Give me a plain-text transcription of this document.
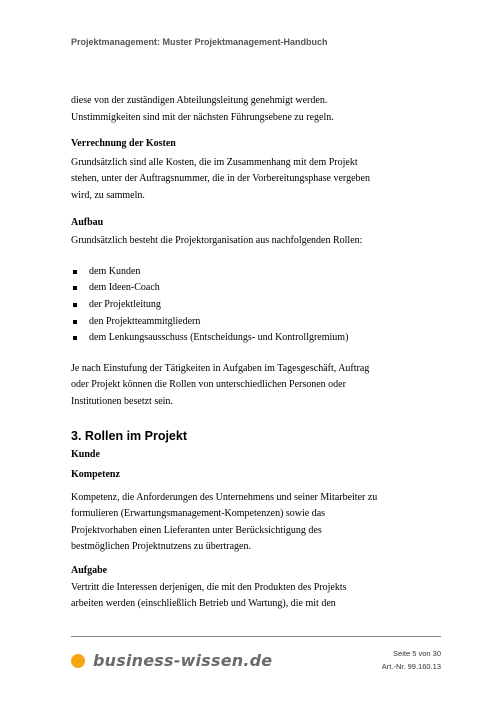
Projektmanagement: Muster Projektmanagement-Handbuch

diese von der zuständigen Abteilungsleitung genehmigt werden.
Unstimmigkeiten sind mit der nächsten Führungsebene zu regeln.

Verrechnung der Kosten

Grundsätzlich sind alle Kosten, die im Zusammenhang mit dem Projekt
stehen, unter der Auftragsnummer, die in der Vorbereitungsphase vergeben
wird, zu sammeln.

Aufbau

Grundsätzlich besteht die Projektorganisation aus nachfolgenden Rollen:

dem Kunden
dem Ideen-Coach
der Projektleitung
den Projektteammitgliedern
dem Lenkungsausschuss (Entscheidungs- und Kontrollgremium)

Je nach Einstufung der Tätigkeiten in Aufgaben im Tagesgeschäft, Auftrag
oder Projekt können die Rollen von unterschiedlichen Personen oder
Institutionen besetzt sein.

3. Rollen im Projekt

Kunde

Kompetenz

Kompetenz, die Anforderungen des Unternehmens und seiner Mitarbeiter zu
formulieren (Erwartungsmanagement-Kompetenzen) sowie das
Projektvorhaben einen Lieferanten unter Berücksichtigung des
bestmöglichen Projektnutzens zu übertragen.

Aufgabe

Vertritt die Interessen derjenigen, die mit den Produkten des Projekts
arbeiten werden (einschließlich Betrieb und Wartung), die mit den

business-wissen.de	Seite 5 von 30
Art.-Nr. 99.160.13
